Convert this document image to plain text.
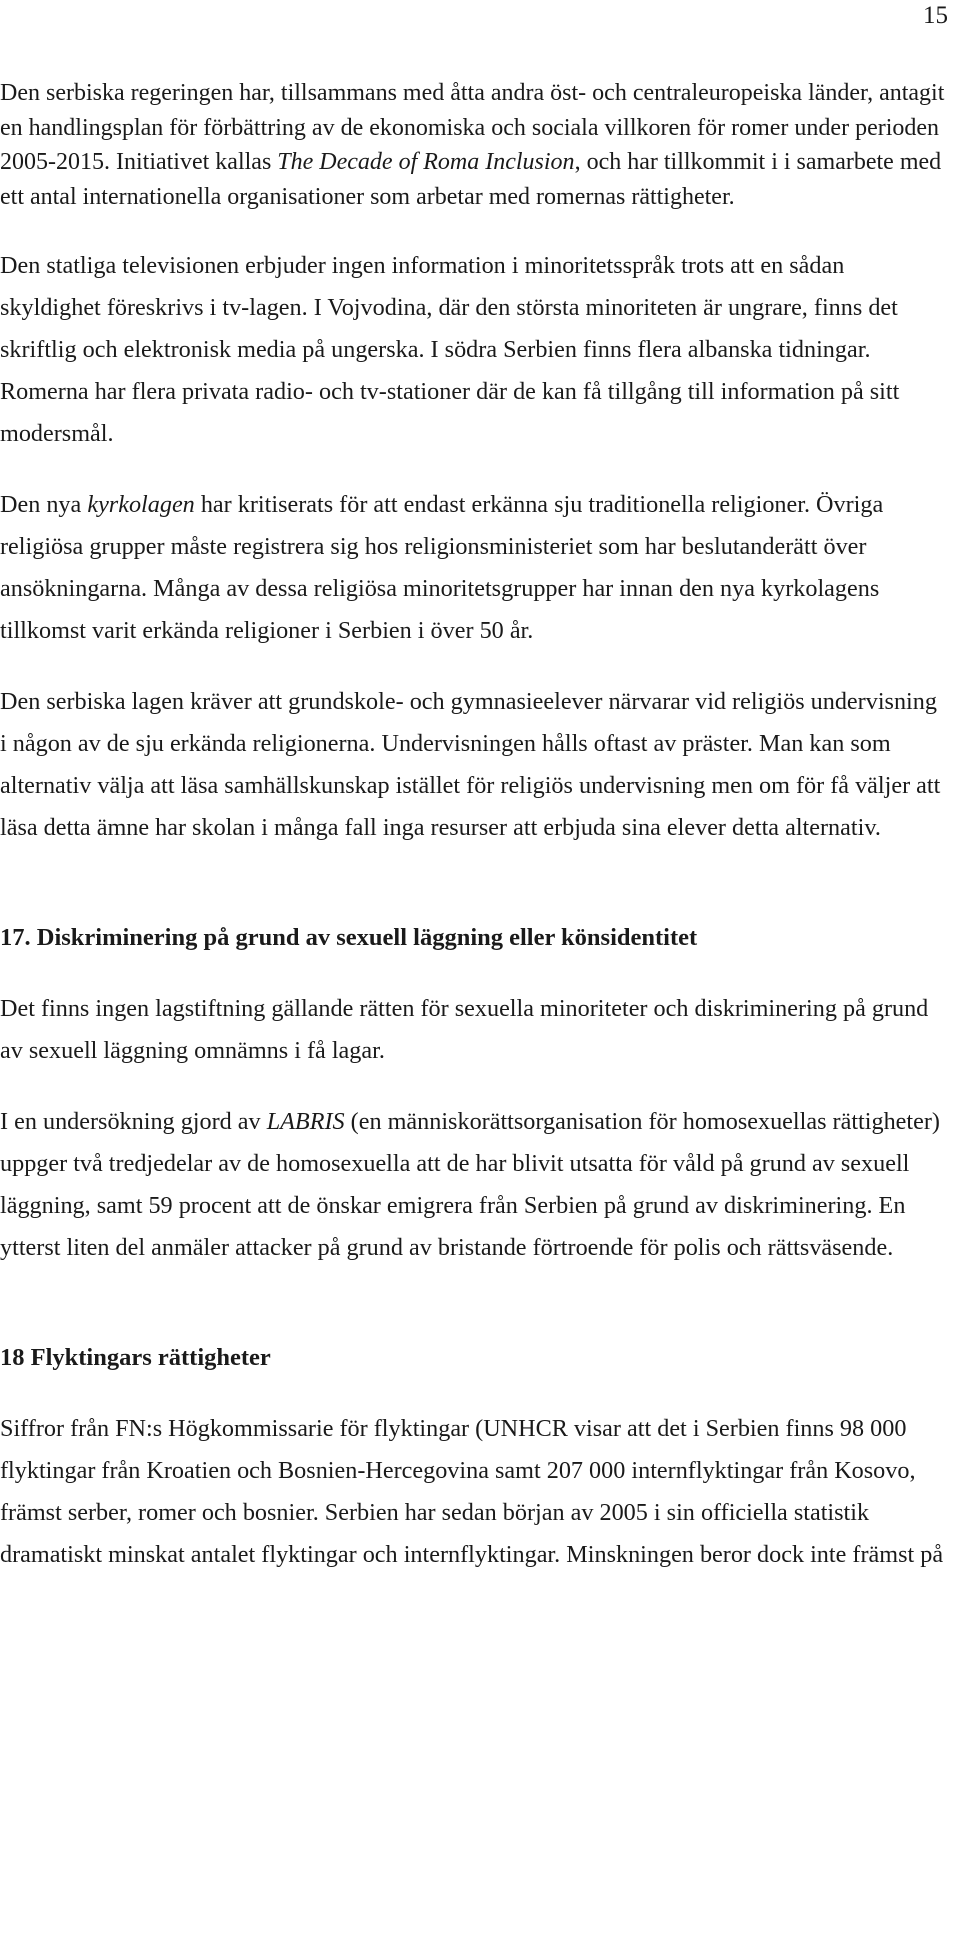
15

Den serbiska regeringen har, tillsammans med åtta andra öst- och centraleuropeiska länder, antagit en handlingsplan för förbättring av de ekonomiska och sociala villkoren för romer under perioden 2005-2015. Initiativet kallas The Decade of Roma Inclusion, och har tillkommit i i samarbete med ett antal internationella organisationer som arbetar med romernas rättigheter.

Den statliga televisionen erbjuder ingen information i minoritetsspråk trots att en sådan skyldighet föreskrivs i tv-lagen. I Vojvodina, där den största minoriteten är ungrare, finns det skriftlig och elektronisk media på ungerska. I södra Serbien finns flera albanska tidningar. Romerna har flera privata radio- och tv-stationer där de kan få tillgång till information på sitt modersmål.

Den nya kyrkolagen har kritiserats för att endast erkänna sju traditionella religioner. Övriga religiösa grupper måste registrera sig hos religionsministeriet som har beslutanderätt över ansökningarna. Många av dessa religiösa minoritetsgrupper har innan den nya kyrkolagens tillkomst varit erkända religioner i Serbien i över 50 år.

Den serbiska lagen kräver att grundskole- och gymnasieelever närvarar vid religiös undervisning i någon av de sju erkända religionerna. Undervisningen hålls oftast av präster. Man kan som alternativ välja att läsa samhällskunskap istället för religiös undervisning men om för få väljer att läsa detta ämne har skolan i många fall inga resurser att erbjuda sina elever detta alternativ.

17. Diskriminering på grund av sexuell läggning eller könsidentitet

Det finns ingen lagstiftning gällande rätten för sexuella minoriteter och diskriminering på grund av sexuell läggning omnämns i få lagar.

I en undersökning gjord av LABRIS (en människorättsorganisation för homosexuellas rättigheter) uppger två tredjedelar av de homosexuella att de har blivit utsatta för våld på grund av sexuell läggning, samt 59 procent att de önskar emigrera från Serbien på grund av diskriminering. En ytterst liten del anmäler attacker på grund av bristande förtroende för polis och rättsväsende.

18 Flyktingars rättigheter

Siffror från FN:s Högkommissarie för flyktingar (UNHCR visar att det i Serbien finns 98 000 flyktingar från Kroatien och Bosnien-Hercegovina samt 207 000 internflyktingar från Kosovo, främst serber, romer och bosnier. Serbien har sedan början av 2005 i sin officiella statistik dramatiskt minskat antalet flyktingar och internflyktingar. Minskningen beror dock inte främst på
